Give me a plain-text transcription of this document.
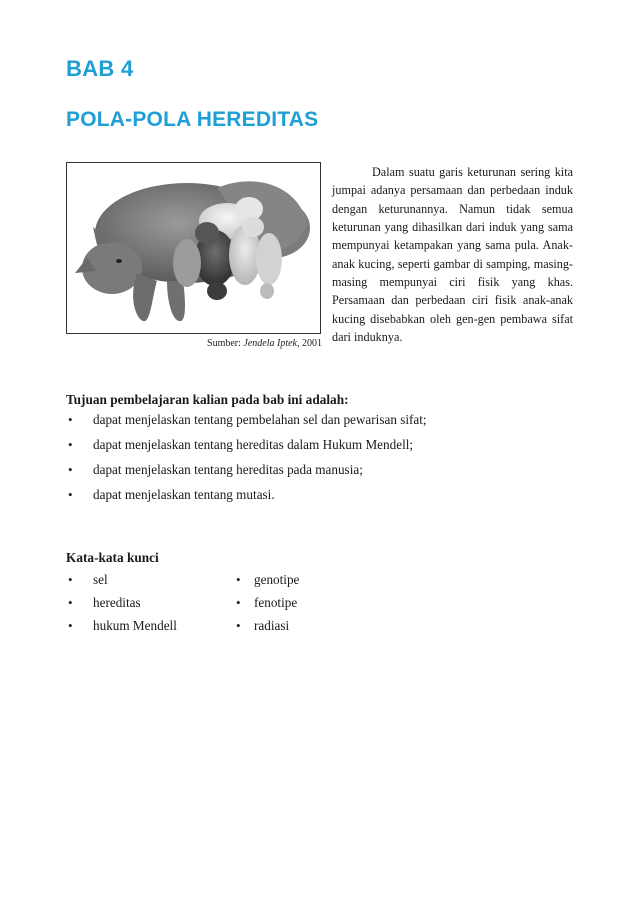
BAB 4
POLA-POLA HEREDITAS
Sumber: Jendela Iptek, 2001

Dalam suatu garis keturunan sering kita jumpai adanya persamaan dan perbedaan induk dengan keturunannya. Namun tidak semua keturunan yang dihasilkan dari induk yang sama mempunyai ketampakan yang sama pula. Anak-anak kucing, seperti gambar di samping, masing-masing mempunyai ciri fisik yang khas. Persamaan dan perbedaan ciri fisik anak-anak kucing disebabkan oleh gen-gen pembawa sifat dari induknya.

Tujuan pembelajaran kalian pada bab ini adalah:

• dapat menjelaskan tentang pembelahan sel dan pewarisan sifat;
• dapat menjelaskan tentang hereditas dalam Hukum Mendell;
• dapat menjelaskan tentang hereditas pada manusia;
• dapat menjelaskan tentang mutasi.

Kata-kata kunci

• sel
• hereditas
• hukum Mendell
• genotipe
• fenotipe
• radiasi
